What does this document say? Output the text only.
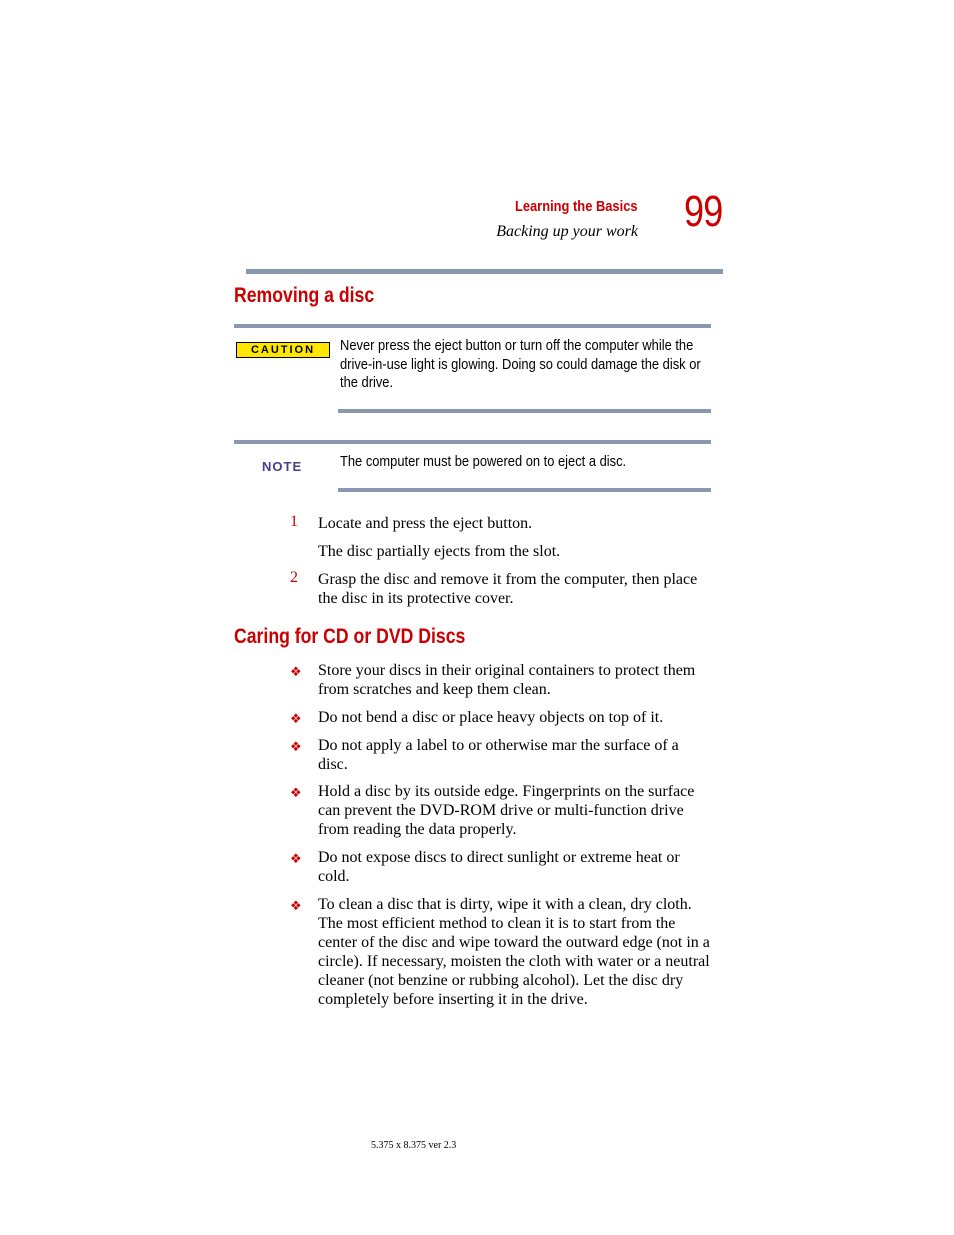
Learning the Basics
Backing up your work 99
Removing a disc
CAUTION	Never press the eject button or turn off the computer while the drive-in-use light is glowing. Doing so could damage the disk or the drive.
NOTE	The computer must be powered on to eject a disc.
1 Locate and press the eject button.
The disc partially ejects from the slot.
2 Grasp the disc and remove it from the computer, then place the disc in its protective cover.
Caring for CD or DVD Discs
❖ Store your discs in their original containers to protect them from scratches and keep them clean.
❖ Do not bend a disc or place heavy objects on top of it.
❖ Do not apply a label to or otherwise mar the surface of a disc.
❖ Hold a disc by its outside edge. Fingerprints on the surface can prevent the DVD-ROM drive or multi-function drive from reading the data properly.
❖ Do not expose discs to direct sunlight or extreme heat or cold.
❖ To clean a disc that is dirty, wipe it with a clean, dry cloth. The most efficient method to clean it is to start from the center of the disc and wipe toward the outward edge (not in a circle). If necessary, moisten the cloth with water or a neutral cleaner (not benzine or rubbing alcohol). Let the disc dry completely before inserting it in the drive.
5.375 x 8.375 ver 2.3
